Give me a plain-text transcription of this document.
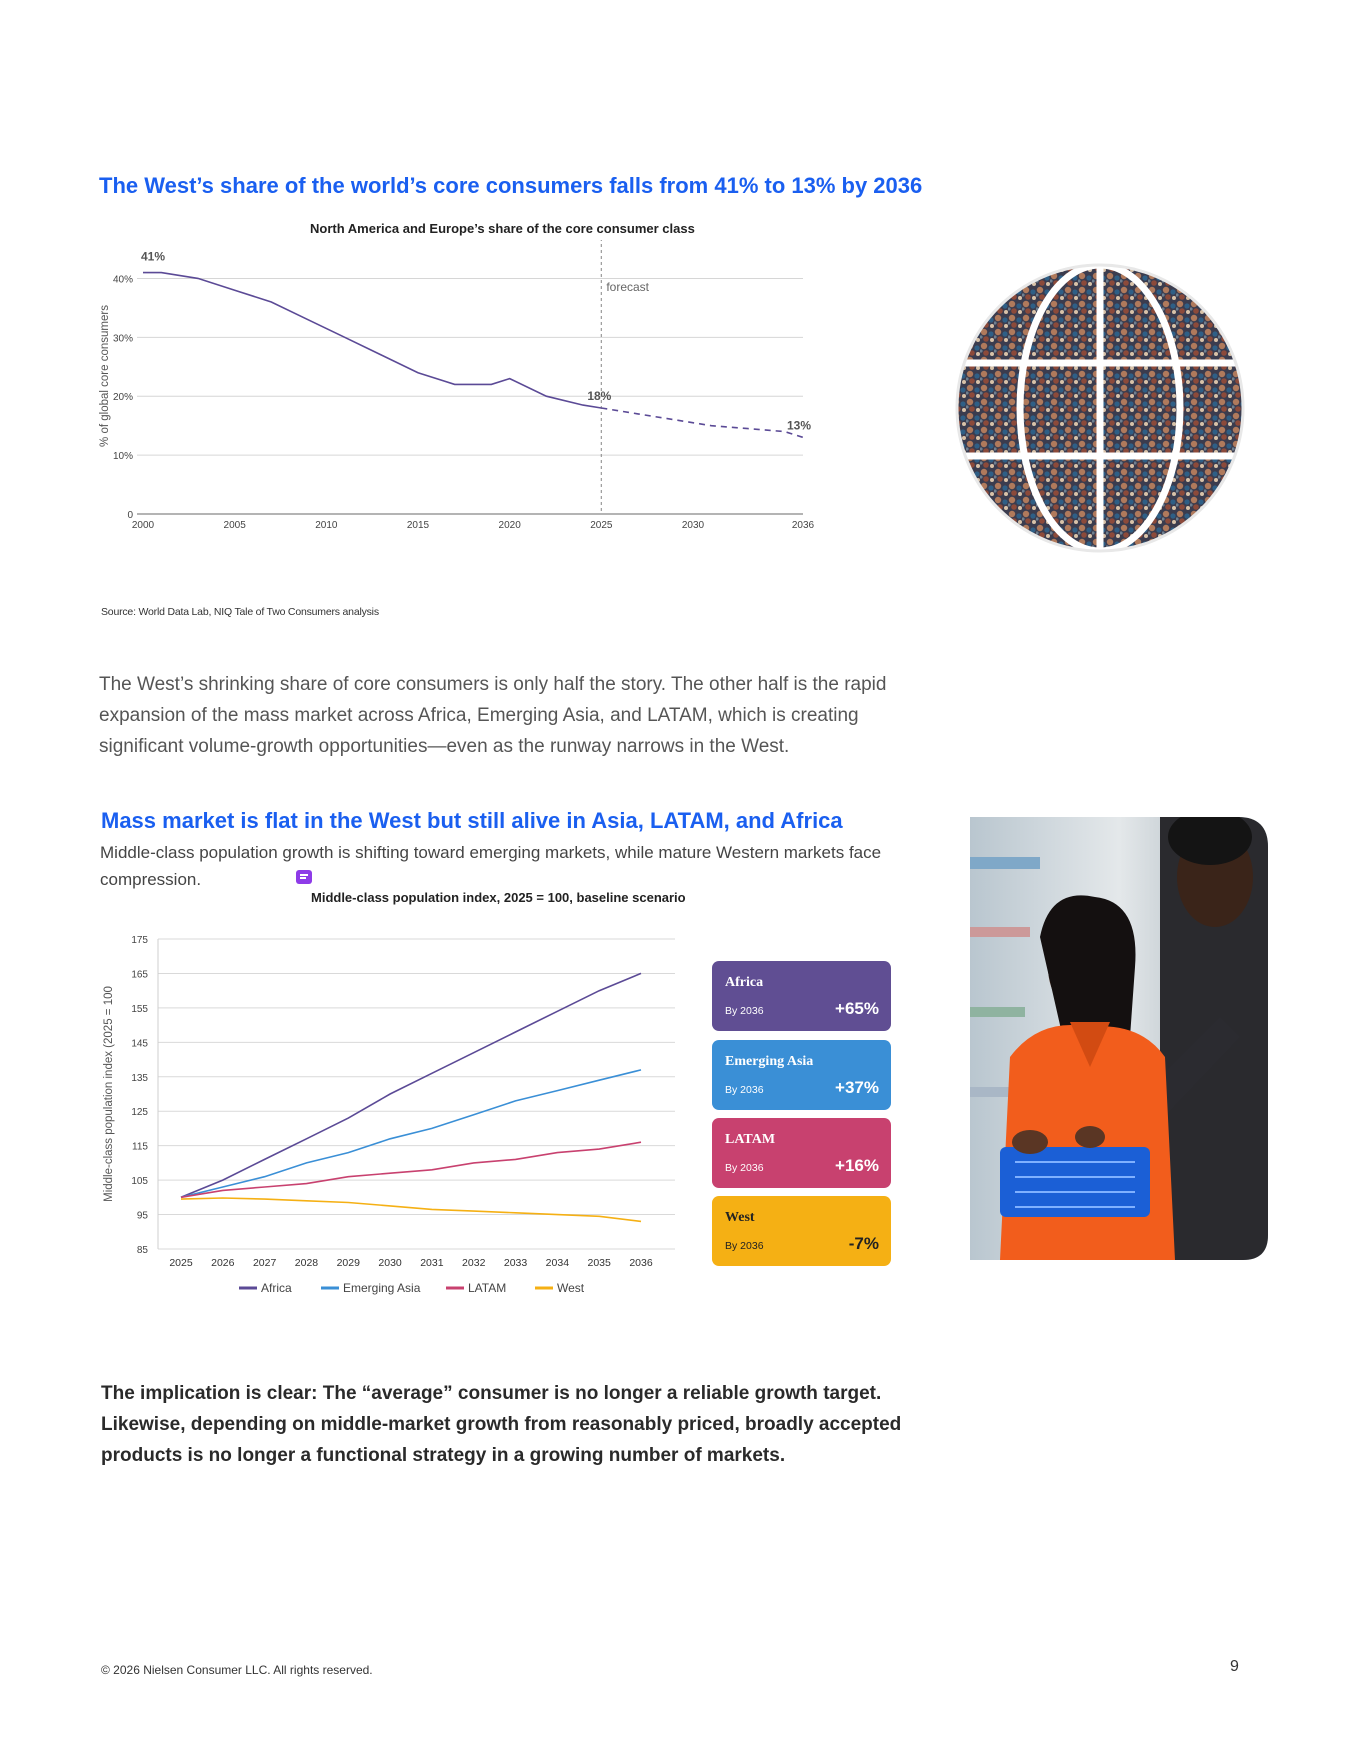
The West’s share of the world’s core consumers falls from 41% to 13% by 2036
North America and Europe’s share of the core consumer class
0
10%
20%
30%
40%
2000	2005	2010	2015	2020	2025	2030	2036
forecast
41%
18%
13%
% of global core consumers
Source: World Data Lab, NIQ Tale of Two Consumers analysis
The West’s shrinking share of core consumers is only half the story. The other half is the rapid expansion of the mass market across Africa, Emerging Asia, and LATAM, which is creating significant volume-growth opportunities—even as the runway narrows in the West.
Mass market is flat in the West but still alive in Asia, LATAM, and Africa
Middle-class population growth is shifting toward emerging markets, while mature Western markets face compression.
Middle-class population index, 2025 = 100, baseline scenario
85
95
105
115
125
135
145
155
165
175
2025 2026 2027 2028 2029 2030 2031 2032 2033 2034 2035 2036
Africa	Emerging Asia	LATAM	West
Middle-class population index (2025 = 100
Africa
By 2036	+65%
Emerging Asia
By 2036	+37%
LATAM
By 2036	+16%
West
By 2036	-7%
The implication is clear: The “average” consumer is no longer a reliable growth target. Likewise, depending on middle-market growth from reasonably priced, broadly accepted products is no longer a functional strategy in a growing number of markets.
© 2026 Nielsen Consumer LLC. All rights reserved.	9
